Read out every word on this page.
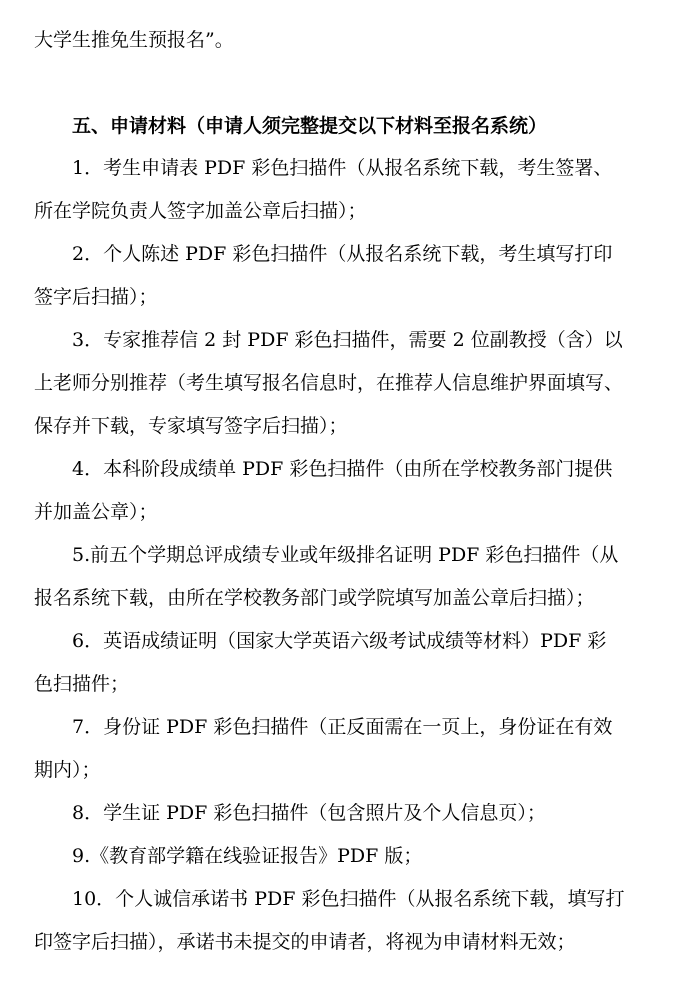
大学生推免生预报名”。
五、申请材料（申请人须完整提交以下材料至报名系统）
1．考生申请表 PDF 彩色扫描件（从报名系统下载，考生签署、
所在学院负责人签字加盖公章后扫描）；
2．个人陈述 PDF 彩色扫描件（从报名系统下载，考生填写打印
签字后扫描）；
3．专家推荐信 2 封 PDF 彩色扫描件，需要 2 位副教授（含）以
上老师分别推荐（考生填写报名信息时，在推荐人信息维护界面填写、
保存并下载，专家填写签字后扫描）；
4．本科阶段成绩单 PDF 彩色扫描件（由所在学校教务部门提供
并加盖公章）；
5.前五个学期总评成绩专业或年级排名证明 PDF 彩色扫描件（从
报名系统下载，由所在学校教务部门或学院填写加盖公章后扫描）；
6．英语成绩证明（国家大学英语六级考试成绩等材料）PDF 彩
色扫描件；
7．身份证 PDF 彩色扫描件（正反面需在一页上，身份证在有效
期内）；
8．学生证 PDF 彩色扫描件（包含照片及个人信息页）；
9.《教育部学籍在线验证报告》PDF 版；
10．个人诚信承诺书 PDF 彩色扫描件（从报名系统下载，填写打
印签字后扫描），承诺书未提交的申请者，将视为申请材料无效；
